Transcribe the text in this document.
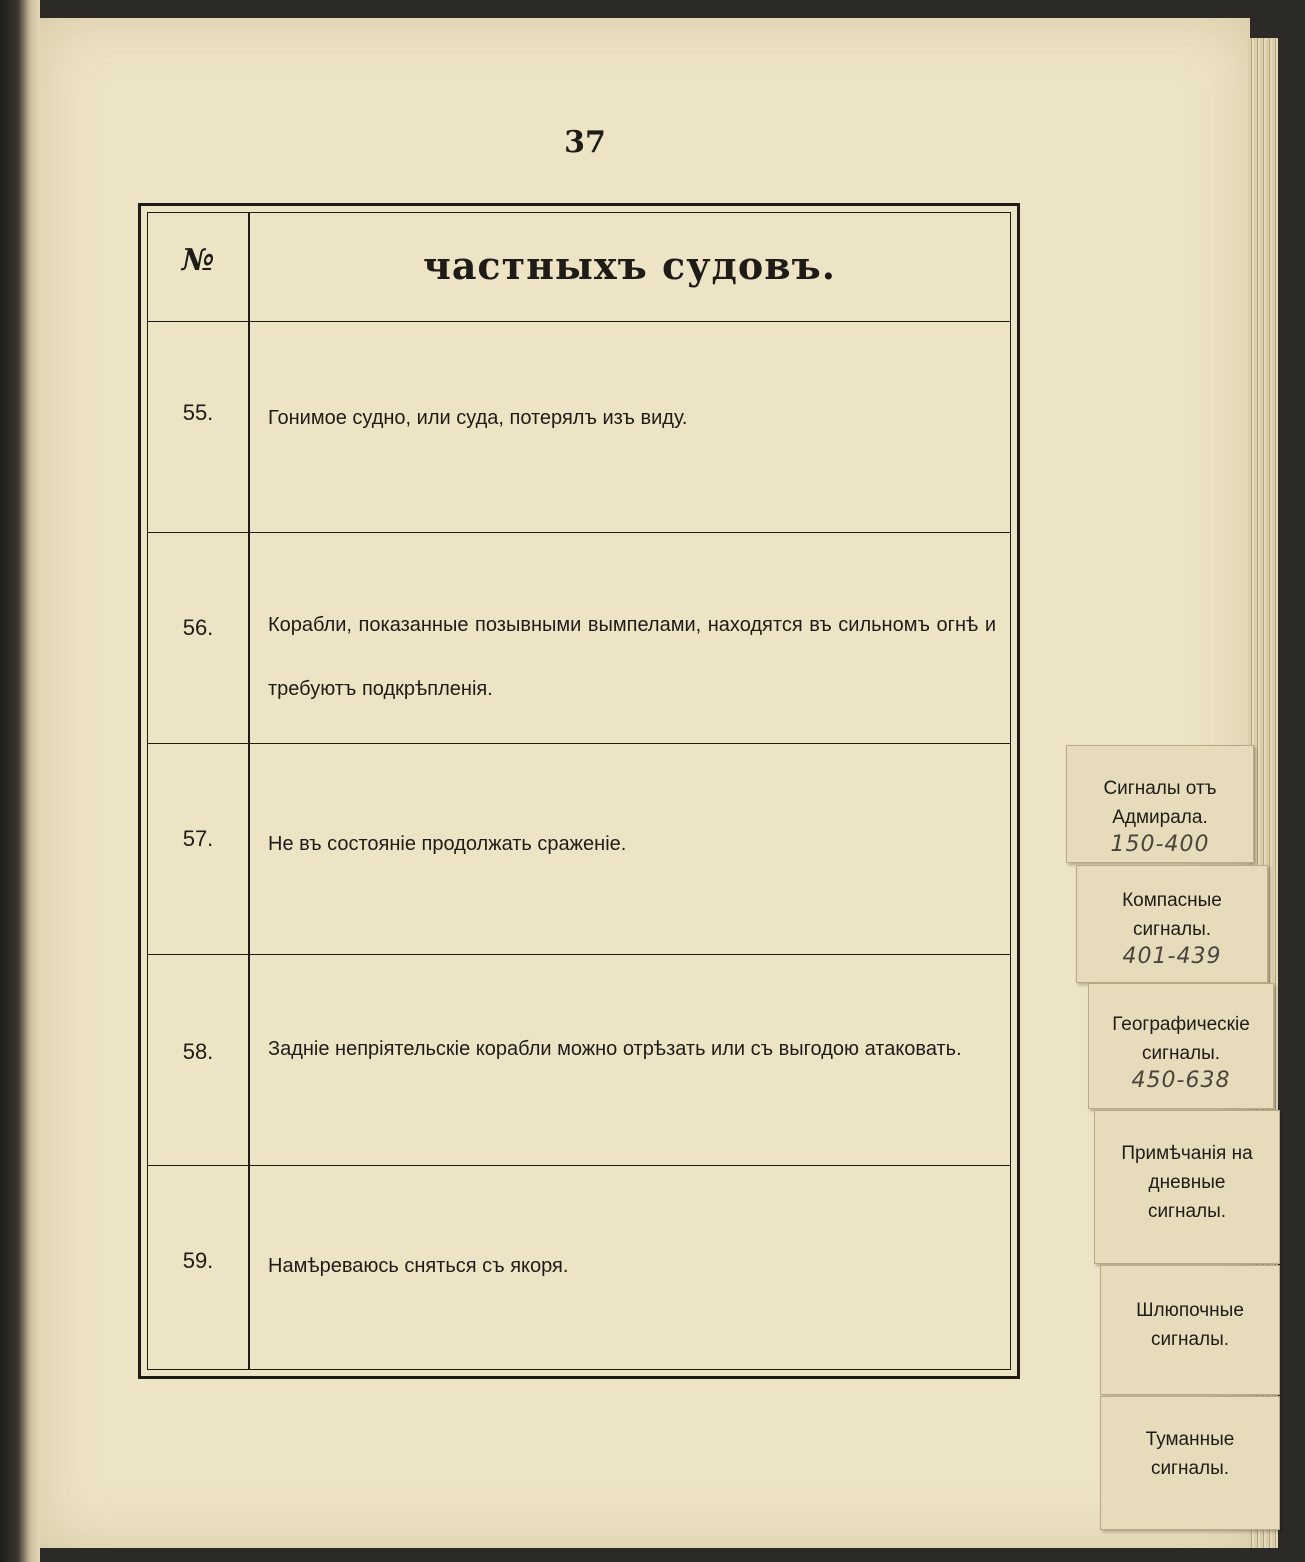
37
№	частныхъ судовъ.
55.	Гонимое судно, или суда, потерялъ изъ виду.
56.	Корабли, показанные позывными вымпелами, находятся въ сильномъ огнѣ и требуютъ подкрѣпленія.
57.	Не въ состояніе продолжать сраженіе.
58.	Задніе непріятельскіе корабли можно отрѣзать или съ выгодою атаковать.
59.	Намѣреваюсь сняться съ якоря.
Сигналы отъ
Адмирала.
150-400
Компасные
сигналы.
401-439
Географическіе
сигналы.
450-638
Примѣчанія на
дневные
сигналы.
Шлюпочные
сигналы.
Туманные
сигналы.
